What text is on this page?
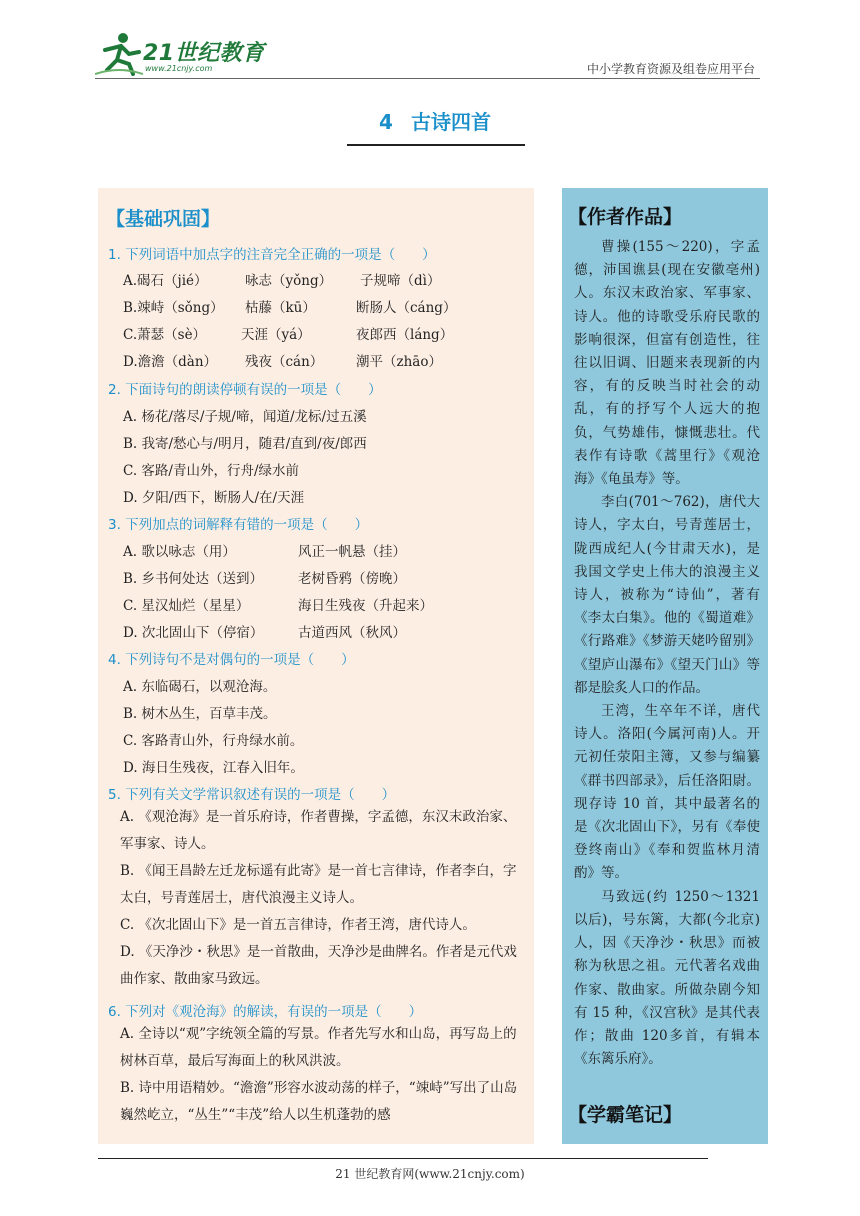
21世纪教育
www.21cnjy.com	中小学教育资源及组卷应用平台
4 古诗四首
【基础巩固】
1. 下列词语中加点字的注音完全正确的一项是（　　）
A.碣石（jié）	咏志（yǒng） 子规啼（dì）
B.竦峙（sǒng） 枯藤（kū）	断肠人（cáng）
C.萧瑟（sè）	天涯（yá）	夜郎西（láng）
D.澹澹（dàn） 残夜（cán） 潮平（zhāo）
2. 下面诗句的朗读停顿有误的一项是（　　）
A. 杨花/落尽/子规/啼，闻道/龙标/过五溪
B. 我寄/愁心与/明月，随君/直到/夜/郎西
C. 客路/青山外，行舟/绿水前
D. 夕阳/西下，断肠人/在/天涯
3. 下列加点的词解释有错的一项是（　　）
A. 歌以咏志（用）	风正一帆悬（挂）
B. 乡书何处达（送到）	老树昏鸦（傍晚）
C. 星汉灿烂（星星）	海日生残夜（升起来）
D. 次北固山下（停宿）	古道西风（秋风）
4. 下列诗句不是对偶句的一项是（　　）
A. 东临碣石，以观沧海。
B. 树木丛生，百草丰茂。
C. 客路青山外，行舟绿水前。
D. 海日生残夜，江春入旧年。
5. 下列有关文学常识叙述有误的一项是（　　）
A. 《观沧海》是一首乐府诗，作者曹操，字孟德，东汉末政治家、军事家、诗人。
B. 《闻王昌龄左迁龙标遥有此寄》是一首七言律诗，作者李白，字太白，号青莲居士，唐代浪漫主义诗人。
C. 《次北固山下》是一首五言律诗，作者王湾，唐代诗人。
D. 《天净沙・秋思》是一首散曲，天净沙是曲牌名。作者是元代戏曲作家、散曲家马致远。
6. 下列对《观沧海》的解读，有误的一项是（　　）
A. 全诗以“观”字统领全篇的写景。作者先写水和山岛，再写岛上的树林百草，最后写海面上的秋风洪波。
B. 诗中用语精妙。“澹澹”形容水波动荡的样子，“竦峙”写出了山岛巍然屹立，“丛生”“丰茂”给人以生机蓬勃的感
【作者作品】

曹操(155～220)，字孟德，沛国谯县(现在安徽亳州)人。东汉末政治家、军事家、诗人。他的诗歌受乐府民歌的影响很深，但富有创造性，往往以旧调、旧题来表现新的内容，有的反映当时社会的动乱，有的抒写个人远大的抱负，气势雄伟，慷慨悲壮。代表作有诗歌《蒿里行》《观沧海》《龟虽寿》等。

李白(701～762)，唐代大诗人，字太白，号青莲居士，陇西成纪人(今甘肃天水)，是我国文学史上伟大的浪漫主义诗人，被称为“诗仙”，著有《李太白集》。他的《蜀道难》《行路难》《梦游天姥吟留别》《望庐山瀑布》《望天门山》等都是脍炙人口的作品。

王湾，生卒年不详，唐代诗人。洛阳(今属河南)人。开元初任荥阳主簿，又参与编纂《群书四部录》，后任洛阳尉。现存诗 10 首，其中最著名的是《次北固山下》，另有《奉使登终南山》《奉和贺监林月清酌》等。

马致远(约 1250～1321以后)，号东篱，大都(今北京)人，因《天净沙・秋思》而被称为秋思之祖。元代著名戏曲作家、散曲家。所做杂剧今知有 15 种，《汉宫秋》是其代表作；散曲 120多首，有辑本《东篱乐府》。

【学霸笔记】
21 世纪教育网(www.21cnjy.com)
